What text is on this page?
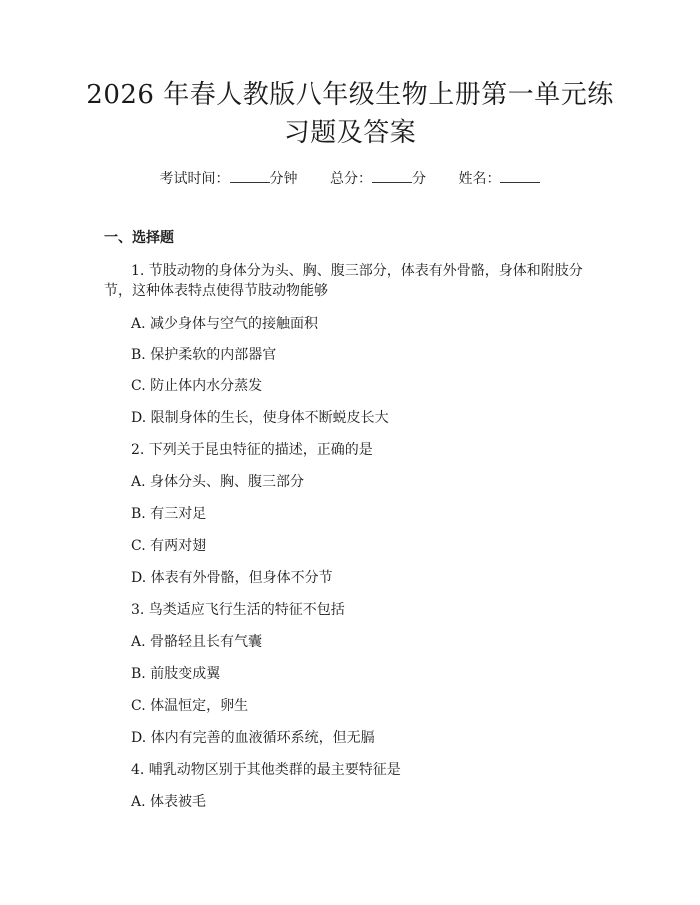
2026 年春人教版八年级生物上册第一单元练
习题及答案
考试时间：	分钟 总分：	分 姓名：
一、选择题
1. 节肢动物的身体分为头、胸、腹三部分，体表有外骨骼，身体和附肢分
节，这种体表特点使得节肢动物能够
A. 减少身体与空气的接触面积
B. 保护柔软的内部器官
C. 防止体内水分蒸发
D. 限制身体的生长，使身体不断蜕皮长大
2. 下列关于昆虫特征的描述，正确的是
A. 身体分头、胸、腹三部分
B. 有三对足
C. 有两对翅
D. 体表有外骨骼，但身体不分节
3. 鸟类适应飞行生活的特征不包括
A. 骨骼轻且长有气囊
B. 前肢变成翼
C. 体温恒定，卵生
D. 体内有完善的血液循环系统，但无膈
4. 哺乳动物区别于其他类群的最主要特征是
A. 体表被毛
